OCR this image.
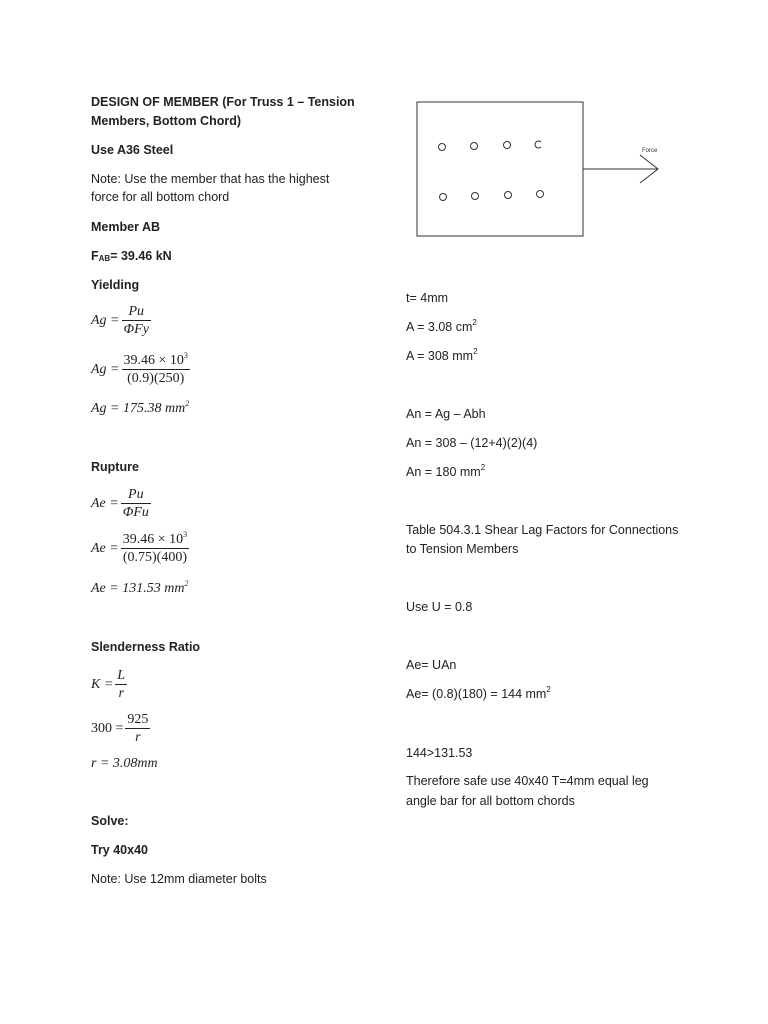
DESIGN OF MEMBER (For Truss 1 – Tension
Members, Bottom Chord)
Use A36 Steel
Note: Use the member that has the highest
force for all bottom chord
Member AB
$F_{AB}= 39.46$ kN
Yielding
$Ag = \frac{Pu}{\text{ΦFy}}$
$Ag = \frac{39.46 \times 10^3}{(0.9)(250)}$
Ag = 175.38 $mm^2$
Rupture
$Ae = \frac{Pu}{\text{ΦFu}}$
$Ae = \frac{39.46 \times 10^3}{(0.75)(400)}$
Ae = 131.53 $mm^2$
Slenderness Ratio
$K = \frac{L}{r}$
$300 = \frac{925}{r}$
r = 3.08mm
Solve:
Try 40x40
Note: Use 12mm diameter bolts
Force
t= 4mm
A = 3.08 $cm^2$
A = 308 $mm^2$
An = Ag – Abh
An = 308 – (12+4)(2)(4)
An = 180 $mm^2$
Table 504.3.1 Shear Lag Factors for Connections
to Tension Members
Use U = 0.8
Ae= UAn
Ae= (0.8)(180) = 144 $mm^2$
144>131.53
Therefore safe use 40x40 T=4mm equal leg
angle bar for all bottom chords
